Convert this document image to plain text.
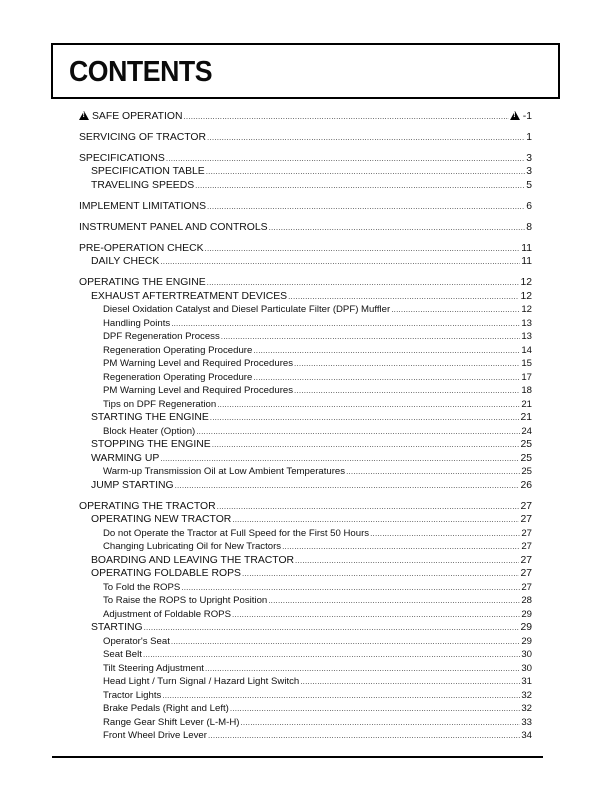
CONTENTS
!SAFE OPERATION ..... !	-1
SERVICING OF TRACTOR .....	1
SPECIFICATIONS .....	3
SPECIFICATION TABLE .....	3
TRAVELING SPEEDS .....	5
IMPLEMENT LIMITATIONS .....	6
INSTRUMENT PANEL AND CONTROLS .....	8
PRE-OPERATION CHECK .....	11
DAILY CHECK .....	11
OPERATING THE ENGINE .....	12
EXHAUST AFTERTREATMENT DEVICES .....	12
Diesel Oxidation Catalyst and Diesel Particulate Filter (DPF) Muffler .....	12
Handling Points .....	13
DPF Regeneration Process .....	13
Regeneration Operating Procedure .....	14
PM Warning Level and Required Procedures .....	15
Regeneration Operating Procedure .....	17
PM Warning Level and Required Procedures .....	18
Tips on DPF Regeneration .....	21
STARTING THE ENGINE .....	21
Block Heater (Option) .....	24
STOPPING THE ENGINE .....	25
WARMING UP .....	25
Warm-up Transmission Oil at Low Ambient Temperatures .....	25
JUMP STARTING .....	26
OPERATING THE TRACTOR .....	27
OPERATING NEW TRACTOR .....	27
Do not Operate the Tractor at Full Speed for the First 50 Hours .....	27
Changing Lubricating Oil for New Tractors .....	27
BOARDING AND LEAVING THE TRACTOR .....	27
OPERATING FOLDABLE ROPS .....	27
To Fold the ROPS .....	27
To Raise the ROPS to Upright Position .....	28
Adjustment of Foldable ROPS .....	29
STARTING .....	29
Operator's Seat .....	29
Seat Belt .....	30
Tilt Steering Adjustment .....	30
Head Light / Turn Signal / Hazard Light Switch .....	31
Tractor Lights .....	32
Brake Pedals (Right and Left) .....	32
Range Gear Shift Lever (L-M-H) .....	33
Front Wheel Drive Lever .....	34
